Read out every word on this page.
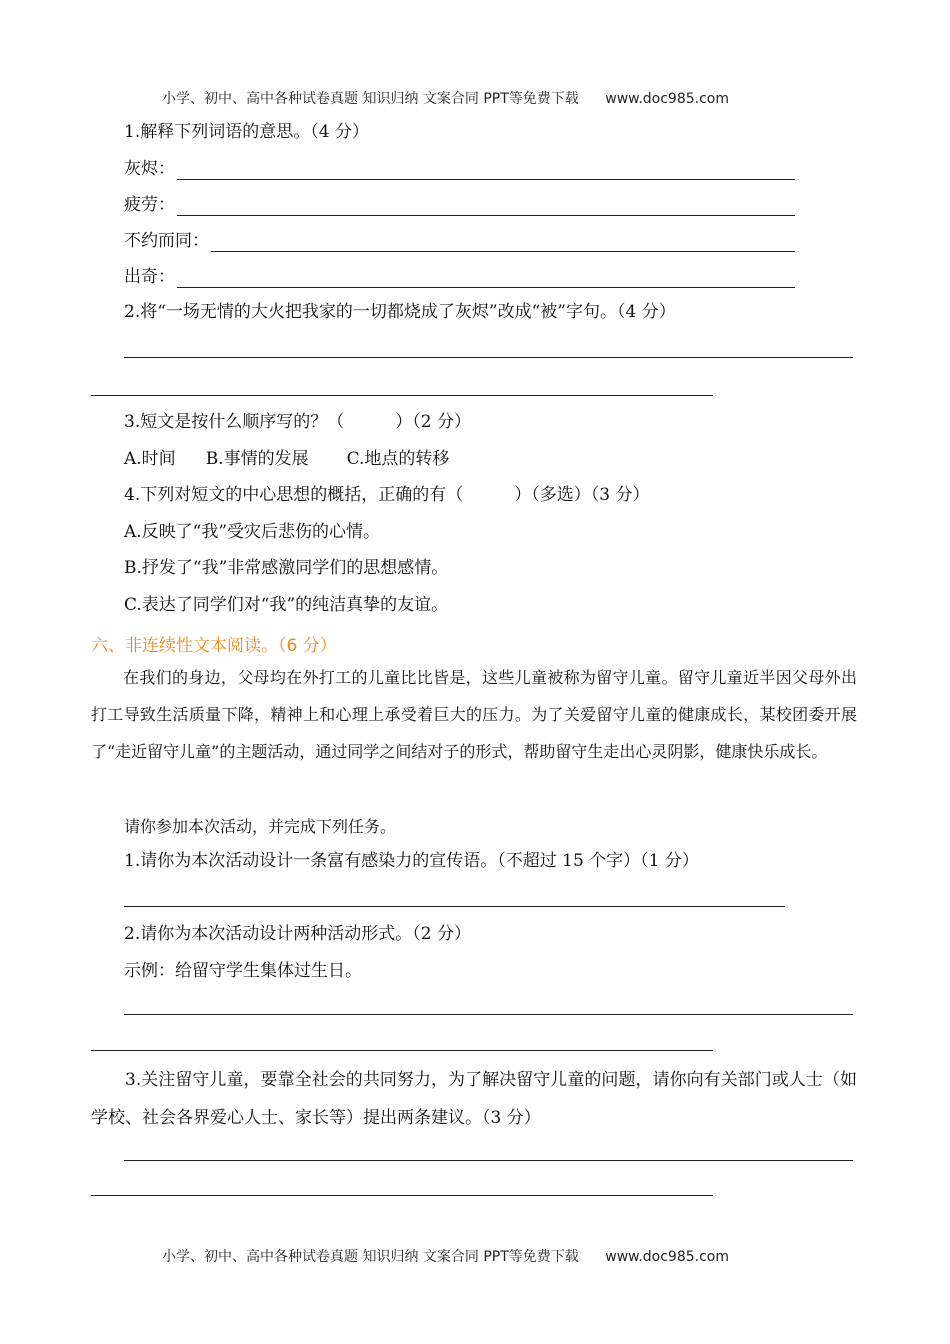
小学、初中、高中各种试卷真题 知识归纳 文案合同 PPT等免费下载 www.doc985.com
1.解释下列词语的意思。（4 分）
灰烬：
疲劳：
不约而同：
出奇：
2.将“一场无情的大火把我家的一切都烧成了灰烬”改成“被”字句。（4 分）
3.短文是按什么顺序写的？（　　　）（2 分）
A.时间 B.事情的发展 C.地点的转移
4.下列对短文的中心思想的概括，正确的有（　　　）（多选）（3 分）
A.反映了“我”受灾后悲伤的心情。
B.抒发了“我”非常感激同学们的思想感情。
C.表达了同学们对“我”的纯洁真挚的友谊。
六、非连续性文本阅读。（6 分）
在我们的身边，父母均在外打工的儿童比比皆是，这些儿童被称为留守儿童。留守儿童近半因父母外出打工导致生活质量下降，精神上和心理上承受着巨大的压力。为了关爱留守儿童的健康成长，某校团委开展了“走近留守儿童”的主题活动，通过同学之间结对子的形式，帮助留守生走出心灵阴影，健康快乐成长。
请你参加本次活动，并完成下列任务。
1.请你为本次活动设计一条富有感染力的宣传语。（不超过 15 个字）（1 分）
2.请你为本次活动设计两种活动形式。（2 分）
示例：给留守学生集体过生日。
3.关注留守儿童，要靠全社会的共同努力，为了解决留守儿童的问题，请你向有关部门或人士（如学校、社会各界爱心人士、家长等）提出两条建议。（3 分）
小学、初中、高中各种试卷真题 知识归纳 文案合同 PPT等免费下载 www.doc985.com
